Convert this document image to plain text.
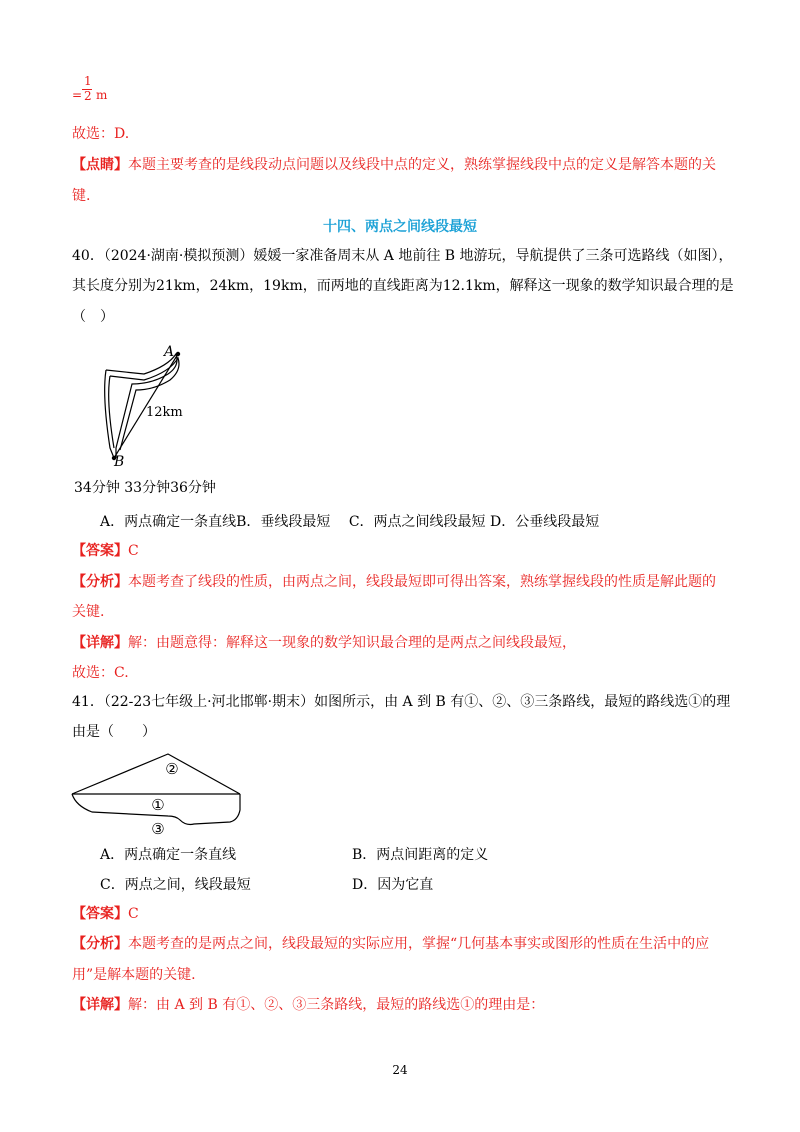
=
1
2 m
故选：D.
【点睛】本题主要考查的是线段动点问题以及线段中点的定义，熟练掌握线段中点的定义是解答本题的关
键.
十四、两点之间线段最短
40．（2024·湖南·模拟预测）媛媛一家准备周末从 A 地前往 B 地游玩，导航提供了三条可选路线（如图），
其长度分别为21km，24km，19km，而两地的直线距离为12.1km，解释这一现象的数学知识最合理的是
（　）
A
B
12km
34分钟 33分钟36分钟
A．两点确定一条直线B．垂线段最短　 C．两点之间线段最短 D．公垂线段最短
【答案】C
【分析】本题考查了线段的性质，由两点之间，线段最短即可得出答案，熟练掌握线段的性质是解此题的
关键.
【详解】解：由题意得：解释这一现象的数学知识最合理的是两点之间线段最短，
故选：C.
41．（22-23七年级上·河北邯郸·期末）如图所示，由 A 到 B 有①、②、③三条路线，最短的路线选①的理
由是（　　）
②
①
③
A．两点确定一条直线	B．两点间距离的定义
C．两点之间，线段最短	D．因为它直
【答案】C
【分析】本题考查的是两点之间，线段最短的实际应用，掌握“几何基本事实或图形的性质在生活中的应
用”是解本题的关键.
【详解】解：由 A 到 B 有①、②、③三条路线，最短的路线选①的理由是：
24
